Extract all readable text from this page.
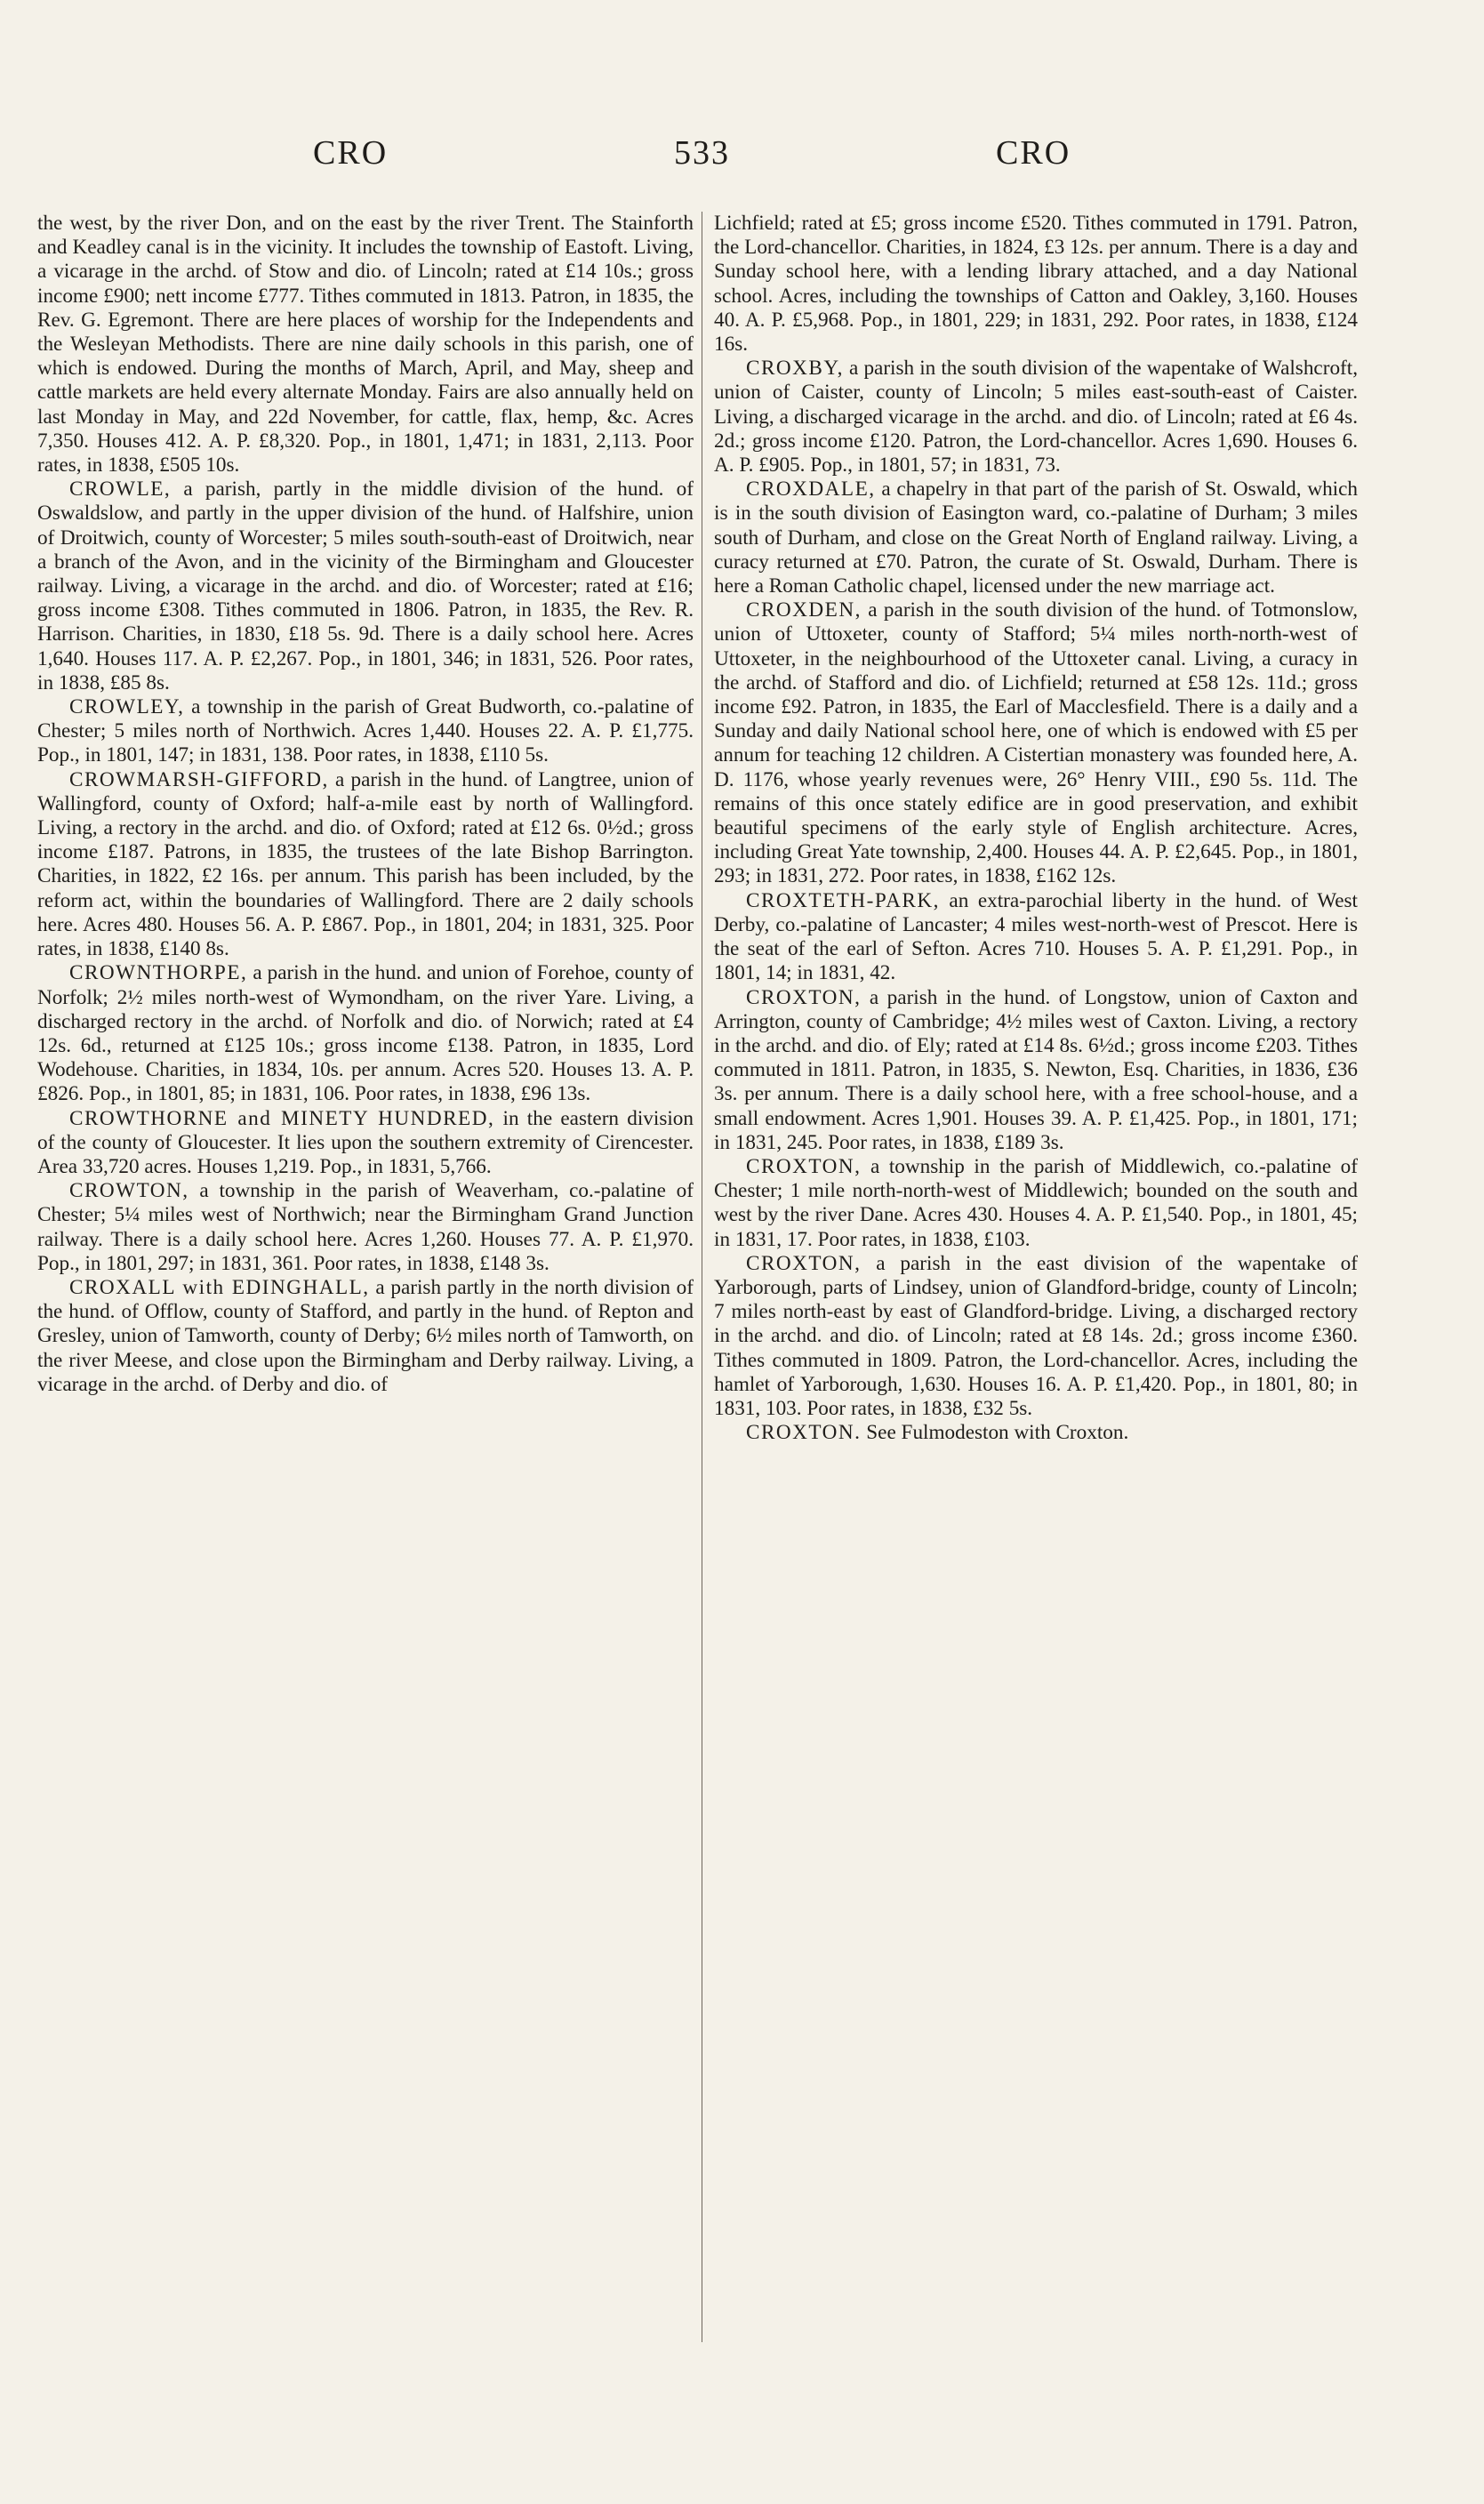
CRO	533	CRO

the west, by the river Don, and on the east by the river Trent. The Stainforth and Keadley canal is in the vicinity. It includes the township of Eastoft. Living, a vicarage in the archd. of Stow and dio. of Lincoln; rated at £14 10s.; gross income £900; nett income £777. Tithes commuted in 1813. Patron, in 1835, the Rev. G. Egremont. There are here places of worship for the Independents and the Wesleyan Methodists. There are nine daily schools in this parish, one of which is endowed. During the months of March, April, and May, sheep and cattle markets are held every alternate Monday. Fairs are also annually held on last Monday in May, and 22d November, for cattle, flax, hemp, &c. Acres 7,350. Houses 412. A. P. £8,320. Pop., in 1801, 1,471; in 1831, 2,113. Poor rates, in 1838, £505 10s.

CROWLE, a parish, partly in the middle division of the hund. of Oswaldslow, and partly in the upper division of the hund. of Halfshire, union of Droitwich, county of Worcester; 5 miles south-south-east of Droitwich, near a branch of the Avon, and in the vicinity of the Birmingham and Gloucester railway. Living, a vicarage in the archd. and dio. of Worcester; rated at £16; gross income £308. Tithes commuted in 1806. Patron, in 1835, the Rev. R. Harrison. Charities, in 1830, £18 5s. 9d. There is a daily school here. Acres 1,640. Houses 117. A. P. £2,267. Pop., in 1801, 346; in 1831, 526. Poor rates, in 1838, £85 8s.

CROWLEY, a township in the parish of Great Budworth, co.-palatine of Chester; 5 miles north of Northwich. Acres 1,440. Houses 22. A. P. £1,775. Pop., in 1801, 147; in 1831, 138. Poor rates, in 1838, £110 5s.

CROWMARSH-GIFFORD, a parish in the hund. of Langtree, union of Wallingford, county of Oxford; half-a-mile east by north of Wallingford. Living, a rectory in the archd. and dio. of Oxford; rated at £12 6s. 0½d.; gross income £187. Patrons, in 1835, the trustees of the late Bishop Barrington. Charities, in 1822, £2 16s. per annum. This parish has been included, by the reform act, within the boundaries of Wallingford. There are 2 daily schools here. Acres 480. Houses 56. A. P. £867. Pop., in 1801, 204; in 1831, 325. Poor rates, in 1838, £140 8s.

CROWNTHORPE, a parish in the hund. and union of Forehoe, county of Norfolk; 2½ miles north-west of Wymondham, on the river Yare. Living, a discharged rectory in the archd. of Norfolk and dio. of Norwich; rated at £4 12s. 6d., returned at £125 10s.; gross income £138. Patron, in 1835, Lord Wodehouse. Charities, in 1834, 10s. per annum. Acres 520. Houses 13. A. P. £826. Pop., in 1801, 85; in 1831, 106. Poor rates, in 1838, £96 13s.

CROWTHORNE and MINETY HUNDRED, in the eastern division of the county of Gloucester. It lies upon the southern extremity of Cirencester. Area 33,720 acres. Houses 1,219. Pop., in 1831, 5,766.

CROWTON, a township in the parish of Weaverham, co.-palatine of Chester; 5¼ miles west of Northwich; near the Birmingham Grand Junction railway. There is a daily school here. Acres 1,260. Houses 77. A. P. £1,970. Pop., in 1801, 297; in 1831, 361. Poor rates, in 1838, £148 3s.

CROXALL with EDINGHALL, a parish partly in the north division of the hund. of Offlow, county of Stafford, and partly in the hund. of Repton and Gresley, union of Tamworth, county of Derby; 6½ miles north of Tamworth, on the river Meese, and close upon the Birmingham and Derby railway. Living, a vicarage in the archd. of Derby and dio. of

Lichfield; rated at £5; gross income £520. Tithes commuted in 1791. Patron, the Lord-chancellor. Charities, in 1824, £3 12s. per annum. There is a day and Sunday school here, with a lending library attached, and a day National school. Acres, including the townships of Catton and Oakley, 3,160. Houses 40. A. P. £5,968. Pop., in 1801, 229; in 1831, 292. Poor rates, in 1838, £124 16s.

CROXBY, a parish in the south division of the wapentake of Walshcroft, union of Caister, county of Lincoln; 5 miles east-south-east of Caister. Living, a discharged vicarage in the archd. and dio. of Lincoln; rated at £6 4s. 2d.; gross income £120. Patron, the Lord-chancellor. Acres 1,690. Houses 6. A. P. £905. Pop., in 1801, 57; in 1831, 73.

CROXDALE, a chapelry in that part of the parish of St. Oswald, which is in the south division of Easington ward, co.-palatine of Durham; 3 miles south of Durham, and close on the Great North of England railway. Living, a curacy returned at £70. Patron, the curate of St. Oswald, Durham. There is here a Roman Catholic chapel, licensed under the new marriage act.

CROXDEN, a parish in the south division of the hund. of Totmonslow, union of Uttoxeter, county of Stafford; 5¼ miles north-north-west of Uttoxeter, in the neighbourhood of the Uttoxeter canal. Living, a curacy in the archd. of Stafford and dio. of Lichfield; returned at £58 12s. 11d.; gross income £92. Patron, in 1835, the Earl of Macclesfield. There is a daily and a Sunday and daily National school here, one of which is endowed with £5 per annum for teaching 12 children. A Cistertian monastery was founded here, A. D. 1176, whose yearly revenues were, 26° Henry VIII., £90 5s. 11d. The remains of this once stately edifice are in good preservation, and exhibit beautiful specimens of the early style of English architecture. Acres, including Great Yate township, 2,400. Houses 44. A. P. £2,645. Pop., in 1801, 293; in 1831, 272. Poor rates, in 1838, £162 12s.

CROXTETH-PARK, an extra-parochial liberty in the hund. of West Derby, co.-palatine of Lancaster; 4 miles west-north-west of Prescot. Here is the seat of the earl of Sefton. Acres 710. Houses 5. A. P. £1,291. Pop., in 1801, 14; in 1831, 42.

CROXTON, a parish in the hund. of Longstow, union of Caxton and Arrington, county of Cambridge; 4½ miles west of Caxton. Living, a rectory in the archd. and dio. of Ely; rated at £14 8s. 6½d.; gross income £203. Tithes commuted in 1811. Patron, in 1835, S. Newton, Esq. Charities, in 1836, £36 3s. per annum. There is a daily school here, with a free school-house, and a small endowment. Acres 1,901. Houses 39. A. P. £1,425. Pop., in 1801, 171; in 1831, 245. Poor rates, in 1838, £189 3s.

CROXTON, a township in the parish of Middlewich, co.-palatine of Chester; 1 mile north-north-west of Middlewich; bounded on the south and west by the river Dane. Acres 430. Houses 4. A. P. £1,540. Pop., in 1801, 45; in 1831, 17. Poor rates, in 1838, £103.

CROXTON, a parish in the east division of the wapentake of Yarborough, parts of Lindsey, union of Glandford-bridge, county of Lincoln; 7 miles north-east by east of Glandford-bridge. Living, a discharged rectory in the archd. and dio. of Lincoln; rated at £8 14s. 2d.; gross income £360. Tithes commuted in 1809. Patron, the Lord-chancellor. Acres, including the hamlet of Yarborough, 1,630. Houses 16. A. P. £1,420. Pop., in 1801, 80; in 1831, 103. Poor rates, in 1838, £32 5s.

CROXTON. See Fulmodeston with Croxton.
